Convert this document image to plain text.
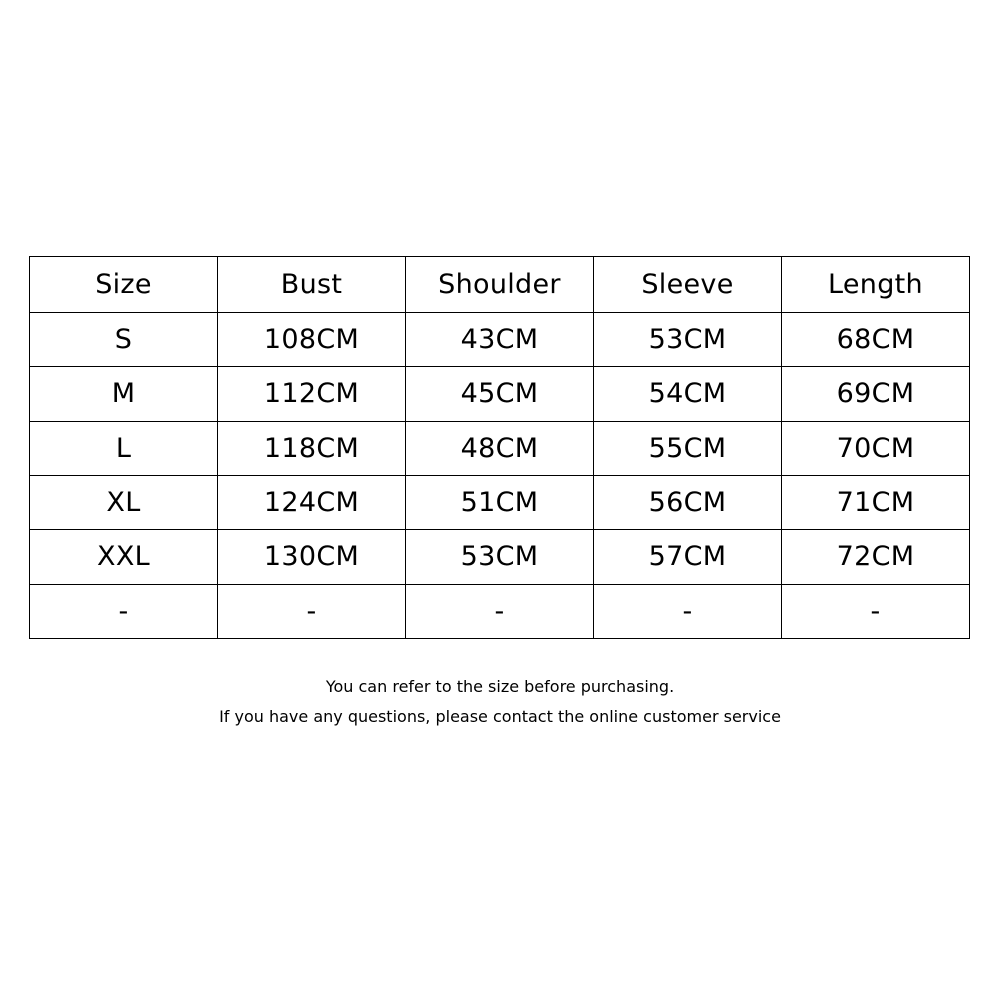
Size	Bust	Shoulder	Sleeve	Length
S	108CM	43CM	53CM	68CM
M	112CM	45CM	54CM	69CM
L	118CM	48CM	55CM	70CM
XL	124CM	51CM	56CM	71CM
XXL	130CM	53CM	57CM	72CM
-	-	-	-	-
You can refer to the size before purchasing.
If you have any questions, please contact the online customer service
